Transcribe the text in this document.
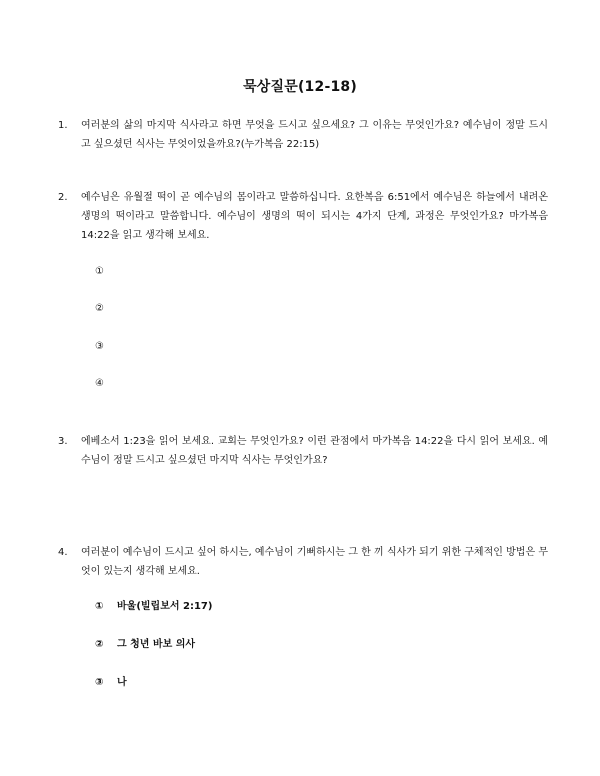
묵상질문(12-18)
1.	여러분의 삶의 마지막 식사라고 하면 무엇을 드시고 싶으세요? 그 이유는 무엇인가요? 예수님이 정말 드시고 싶으셨던 식사는 무엇이었을까요?(누가복음 22:15)
2.	예수님은 유월절 떡이 곧 예수님의 몸이라고 말씀하십니다. 요한복음 6:51에서 예수님은 하늘에서 내려온 생명의 떡이라고 말씀합니다. 예수님이 생명의 떡이 되시는 4가지 단계, 과정은 무엇인가요? 마가복음 14:22을 읽고 생각해 보세요.
①
②
③
④
3.	에베소서 1:23을 읽어 보세요. 교회는 무엇인가요? 이런 관점에서 마가복음 14:22을 다시 읽어 보세요. 예수님이 정말 드시고 싶으셨던 마지막 식사는 무엇인가요?
4.	여러분이 예수님이 드시고 싶어 하시는, 예수님이 기뻐하시는 그 한 끼 식사가 되기 위한 구체적인 방법은 무엇이 있는지 생각해 보세요.
① 바울(빌립보서 2:17)
② 그 청년 바보 의사
③ 나
